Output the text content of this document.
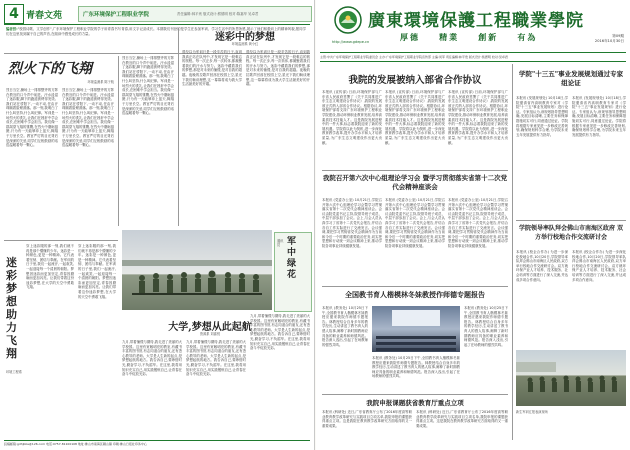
4 青春文苑	广东环境保护工程职业学院	责任编辑:林平贵 版式设计:熊德明 校对:陈嘉华 吴卓君
编者按:"校园诗歌、文学创作",广东环境保护工程职业学院的学子用青春书写青春,用文字记录成长。本期我们刊登的是学生在参加军训、学习生活中的所思所感,展示了他们积极向上的精神风貌,愿同学们在这里找到属于自己的声音,在阅读中感受成长的力量。
烈火下的飞翔
环境监测系 陈子航
烈日当空,操场上一排排整齐的方阵在教官的口令声中前进。汗水浸湿了迷彩服,脚下的跑道被烤得发烫。我们站在骄阳下,一动不动,任由汗珠顺着脸颊滑落。那一刻,我明白了什么叫坚持,什么叫纪律。军训是一场烈火的洗礼,让我们在挫折中学会成长,在困难中学会担当。我们像一群渴望飞翔的雏鹰,在烈火中磨砺翅膀,只为有一天能够冲上蓝天,翱翔于万里长空。教官严厉的目光背后是深深的关爱,同学们互相鼓励的话语温暖着每一颗心。
烈日当空,操场上一排排整齐的方阵在教官的口令声中前进。汗水浸湿了迷彩服,脚下的跑道被烤得发烫。我们站在骄阳下,一动不动,任由汗珠顺着脸颊滑落。那一刻,我明白了什么叫坚持,什么叫纪律。军训是一场烈火的洗礼,让我们在挫折中学会成长,在困难中学会担当。我们像一群渴望飞翔的雏鹰,在烈火中磨砺翅膀,只为有一天能够冲上蓝天,翱翔于万里长空。教官严厉的目光背后是深深的关爱,同学们互相鼓励的话语温暖着每一颗心。
烈日当空,操场上一排排整齐的方阵在教官的口令声中前进。汗水浸湿了迷彩服,脚下的跑道被烤得发烫。我们站在骄阳下,一动不动,任由汗珠顺着脸颊滑落。那一刻,我明白了什么叫坚持,什么叫纪律。军训是一场烈火的洗礼,让我们在挫折中学会成长,在困难中学会担当。我们像一群渴望飞翔的雏鹰,在烈火中磨砺翅膀,只为有一天能够冲上蓝天,翱翔于万里长空。教官严厉的目光背后是深深的关爱,同学们互相鼓励的话语温暖着每一颗心。
迷彩中的梦想
环境监测系 黄小红
曾经以为军训只是一段辛苦的日子,直到我真正站在队列中,才发现它是一段难忘的旅程。每一次正步,每一次转体,都凝聚着我们的汗水与努力。迷彩中藏着我们的梦想,那是对未来的憧憬,是对自我的超越。夜晚的拉歌声回荡在校园上空,星光下我们畅谈理想,这一幕幕将成为我大学生活最美好的开端。
曾经以为军训只是一段辛苦的日子,直到我真正站在队列中,才发现它是一段难忘的旅程。每一次正步,每一次转体,都凝聚着我们的汗水与努力。迷彩中藏着我们的梦想,那是对未来的憧憬,是对自我的超越。夜晚的拉歌声回荡在校园上空,星光下我们畅谈理想,这一幕幕将成为我大学生活最美好的开端。
迷彩梦想 助力飞翔
环境工程系
穿上迷彩服的那一刻,我们就不再是那个懵懂的少年。迷彩是一种颜色,更是一种精神。它代表着坚韧、团结与奉献。在军训的日子里,我们一起流汗,一起欢笑,一起迎接每一个清晨的朝阳。梦想因迷彩而更加坚定,青春因磨砺而更加闪亮。让我们带着这份迷彩梦想,在大学的天空中勇敢飞翔。
穿上迷彩服的那一刻,我们就不再是那个懵懂的少年。迷彩是一种颜色,更是一种精神。它代表着坚韧、团结与奉献。在军训的日子里,我们一起流汗,一起欢笑,一起迎接每一个清晨的朝阳。梦想因迷彩而更加坚定,青春因磨砺而更加闪亮。让我们带着这份迷彩梦想,在大学的天空中勇敢飞翔。
军中绿花
通讯员
大学,梦想从此起航
资源系 刘嘉悦
九月,带着憧憬与期待,我走进了美丽的大学校园。这里有宽敞明亮的教室,有藏书丰富的图书馆,有志同道合的朋友,还有悉心教导的老师。大学是人生新的起点,是梦想起航的地方。我告诉自己,要珍惜时光,勤奋学习,不负韶华。在这里,我将用知识充实自己,用实践锻炼自己,让青春在奋斗中绽放光彩。
九月,带着憧憬与期待,我走进了美丽的大学校园。这里有宽敞明亮的教室,有藏书丰富的图书馆,有志同道合的朋友,还有悉心教导的老师。大学是人生新的起点,是梦想起航的地方。我告诉自己,要珍惜时光,勤奋学习,不负韶华。在这里,我将用知识充实自己,用实践锻炼自己,让青春在奋斗中绽放光彩。
九月,带着憧憬与期待,我走进了美丽的大学校园。这里有宽敞明亮的教室,有藏书丰富的图书馆,有志同道合的朋友,还有悉心教导的老师。大学是人生新的起点,是梦想起航的地方。我告诉自己,要珍惜时光,勤奋学习,不负韶华。在这里,我将用知识充实自己,用实践锻炼自己,让青春在奋斗中绽放光彩。
投稿邮箱:gdhjbbs@126.com 电话:0757-81100108 地址:佛山市南海区狮山镇 印刷:佛山日报社印务中心
廣東環境保護工程職業學院
厚德 精業 創新 有為
http://www.gdepe.cn
第09期
2016年10月30日
主管:中共广东环境保护工程职业学院委员会 主办:广东环境保护工程职业学院宣传部 主编:何军 责任编辑:林平贵 版式设计:熊德明 校对:吴卓君
我院的发展被纳入部省合作协议
本报讯 (宣传部) 日前,环境保护部与广东省人民政府签署了《关于共同推进广东生态文明建设合作协议》,我院的发展被正式纳入部省合作协议。根据协议,环境保护部将支持广东环境保护工程职业学院建设,推动环保职业教育发展,培养高素质技术技能人才。这是我院发展进程中的一件大事,标志着我院迎来了新的发展机遇。学院将以此为契机,进一步深化教育教学改革,提升办学水平和人才培养质量,为广东生态文明建设作出更大贡献。
本报讯 (宣传部) 日前,环境保护部与广东省人民政府签署了《关于共同推进广东生态文明建设合作协议》,我院的发展被正式纳入部省合作协议。根据协议,环境保护部将支持广东环境保护工程职业学院建设,推动环保职业教育发展,培养高素质技术技能人才。这是我院发展进程中的一件大事,标志着我院迎来了新的发展机遇。学院将以此为契机,进一步深化教育教学改革,提升办学水平和人才培养质量,为广东生态文明建设作出更大贡献。
本报讯 (宣传部) 日前,环境保护部与广东省人民政府签署了《关于共同推进广东生态文明建设合作协议》,我院的发展被正式纳入部省合作协议。根据协议,环境保护部将支持广东环境保护工程职业学院建设,推动环保职业教育发展,培养高素质技术技能人才。这是我院发展进程中的一件大事,标志着我院迎来了新的发展机遇。学院将以此为契机,进一步深化教育教学改革,提升办学水平和人才培养质量,为广东生态文明建设作出更大贡献。
我院召开第六次中心组理论学习会 暨学习贯彻落实省第十二次党代会精神座谈会
本报讯 (党委办公室) 10月21日,学院召开第六次中心组理论学习会暨学习贯彻落实省第十二次党代会精神座谈会。会议由院党委书记主持,院领导班子成员、中层干部参加了会议。会上,与会人员认真学习了省第十二次党代会报告,并结合各自工作实际进行了交流发言。会议强调,要把学习贯彻省党代会精神作为当前和今后一个时期的重要政治任务,切实把思想和行动统一到会议精神上来,推动学院各项事业持续健康发展。
本报讯 (党委办公室) 10月21日,学院召开第六次中心组理论学习会暨学习贯彻落实省第十二次党代会精神座谈会。会议由院党委书记主持,院领导班子成员、中层干部参加了会议。会上,与会人员认真学习了省第十二次党代会报告,并结合各自工作实际进行了交流发言。会议强调,要把学习贯彻省党代会精神作为当前和今后一个时期的重要政治任务,切实把思想和行动统一到会议精神上来,推动学院各项事业持续健康发展。
本报讯 (党委办公室) 10月21日,学院召开第六次中心组理论学习会暨学习贯彻落实省第十二次党代会精神座谈会。会议由院党委书记主持,院领导班子成员、中层干部参加了会议。会上,与会人员认真学习了省第十二次党代会报告,并结合各自工作实际进行了交流发言。会议强调,要把学习贯彻省党代会精神作为当前和今后一个时期的重要政治任务,切实把思想和行动统一到会议精神上来,推动学院各项事业持续健康发展。
全国教书育人楷模林冬妹教授作师德专题报告
本报讯 (教务处) 10月25日下午,全国教书育人楷模林冬妹教授应邀来我院作师德专题报告。林教授结合自身多年的教学经历,生动讲述了教书育人的感人故事,阐释了新时期教师应具备的职业素养和师德风范。报告深入浅出,引起了在场教师的强烈共鸣。
本报讯 (教务处) 10月25日下午,全国教书育人楷模林冬妹教授应邀来我院作师德专题报告。林教授结合自身多年的教学经历,生动讲述了教书育人的感人故事,阐释了新时期教师应具备的职业素养和师德风范。报告深入浅出,引起了在场教师的强烈共鸣。
本报讯 (教务处) 10月25日下午,全国教书育人楷模林冬妹教授应邀来我院作师德专题报告。林教授结合自身多年的教学经历,生动讲述了教书育人的感人故事,阐释了新时期教师应具备的职业素养和师德风范。报告深入浅出,引起了在场教师的强烈共鸣。
我院申报课题获省教育厅重点立项
本报讯 (科研处) 近日,广东省教育厅公布了2016年度高等职业教育教学改革研究与实践项目立项名单,我院申报的课题获得重点立项。这是我院在教育教学改革研究方面取得的又一重要成果。
本报讯 (科研处) 近日,广东省教育厅公布了2016年度高等职业教育教学改革研究与实践项目立项名单,我院申报的课题获得重点立项。这是我院在教育教学改革研究方面取得的又一重要成果。
学院"十三五"事业发展规划通过专家组论证
本报讯 (发展规划处) 10月18日,学院邀请省内高职教育专家对《学院"十三五"事业发展规划》进行论证。专家组认为,该规划指导思想明确,发展目标清晰,主要任务和保障措施切实可行,同意通过论证。学院将根据专家意见进一步修改完善规划,确保规划科学合理,为学院未来五年发展提供有力指导。
本报讯 (发展规划处) 10月18日,学院邀请省内高职教育专家对《学院"十三五"事业发展规划》进行论证。专家组认为,该规划指导思想明确,发展目标清晰,主要任务和保障措施切实可行,同意通过论证。学院将根据专家意见进一步修改完善规划,确保规划科学合理,为学院未来五年发展提供有力指导。
学院领导率队拜会佛山市南海区政府 双方举行校地合作交流研讨会
本报讯 (校企合作办) 为进一步深化校地合作,10月20日,学院领导率队拜会佛山市南海区人民政府,双方举行校地合作交流研讨会。双方就环保产业人才培养、技术服务、社会培训等方面进行了深入交流,并达成多项合作意向。
本报讯 (校企合作办) 为进一步深化校地合作,10月20日,学院领导率队拜会佛山市南海区人民政府,双方举行校地合作交流研讨会。双方就环保产业人才培养、技术服务、社会培训等方面进行了深入交流,并达成多项合作意向。
新生军训汇报表演现场
